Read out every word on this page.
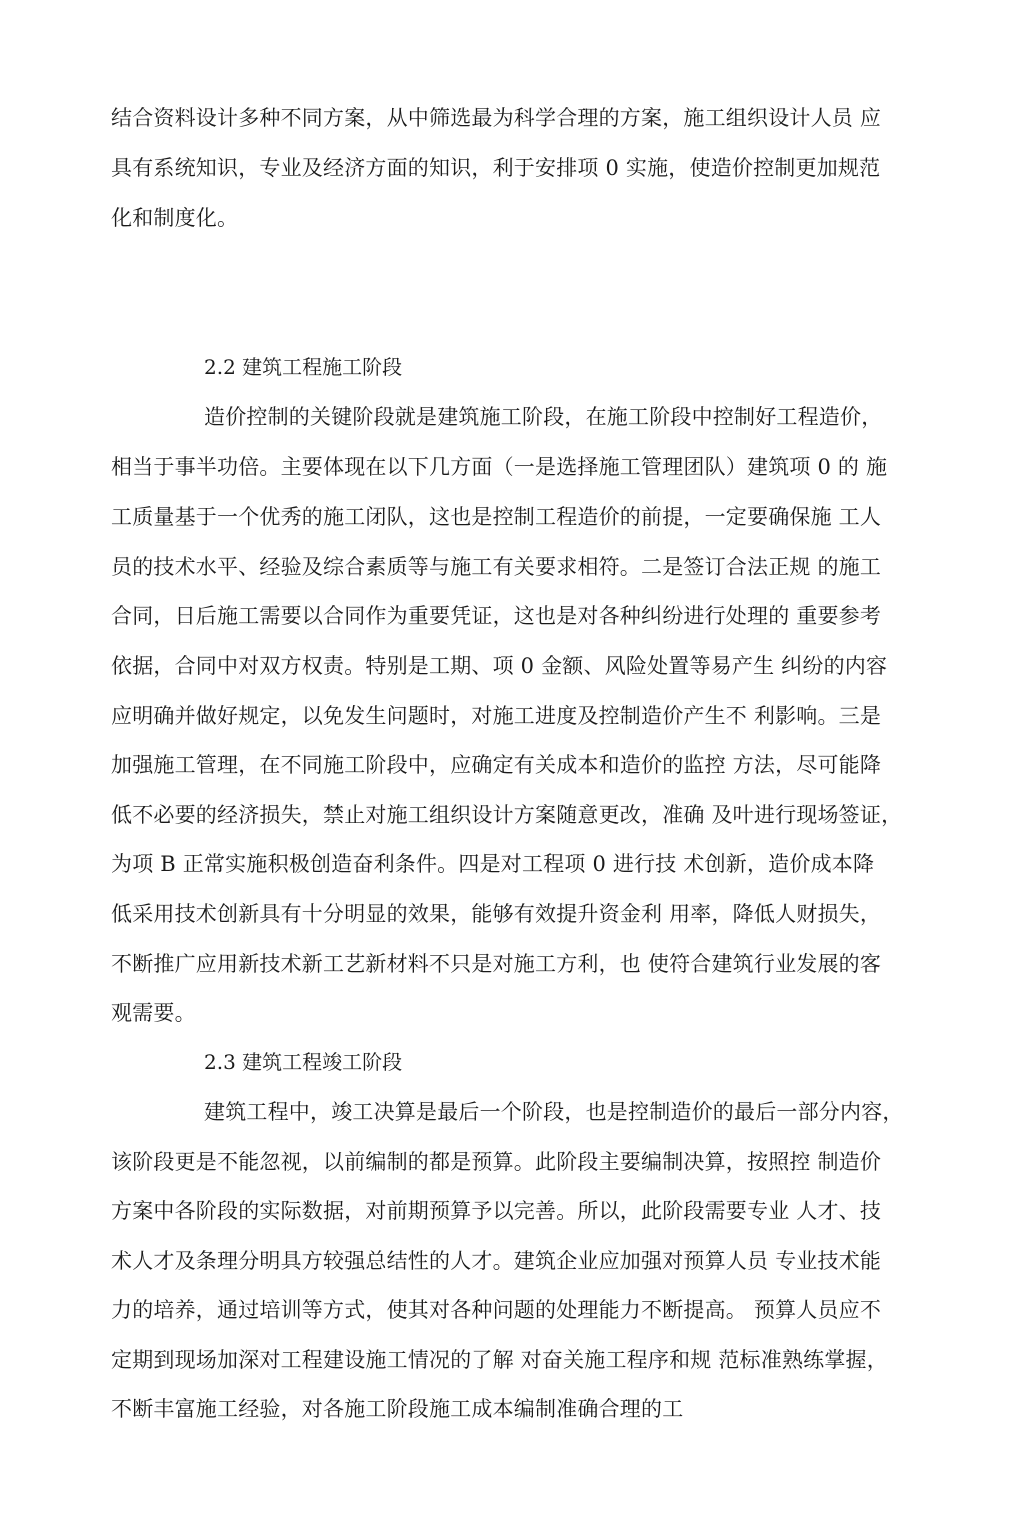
结合资料设计多种不同方案，从中筛选最为科学合理的方案，施工组织设计人员 应
具有系统知识，专业及经济方面的知识，利于安排项 0 实施，使造价控制更加规范
化和制度化。
2.2 建筑工程施工阶段
造价控制的关键阶段就是建筑施工阶段，在施工阶段中控制好工程造价，
相当于事半功倍。主要体现在以下几方面（一是选择施工管理团队）建筑项 0 的 施
工质量基于一个优秀的施工闭队，这也是控制工程造价的前提，一定要确保施 工人
员的技术水平、经验及综合素质等与施工有关要求相符。二是签订合法正规 的施工
合同，日后施工需要以合同作为重要凭证，这也是对各种纠纷进行处理的 重要参考
依据，合同中对双方权责。特别是工期、项 0 金额、风险处置等易产生 纠纷的内容
应明确并做好规定，以免发生问题时，对施工进度及控制造价产生不 利影响。三是
加强施工管理，在不同施工阶段中，应确定有关成本和造价的监控 方法，尽可能降
低不必要的经济损失，禁止对施工组织设计方案随意更改，准确 及叶进行现场签证，
为项 B 正常实施积极创造奋利条件。四是对工程项 0 进行技 术创新，造价成本降
低采用技术创新具有十分明显的效果，能够有效提升资金利 用率，降低人财损失，
不断推广应用新技术新工艺新材料不只是对施工方利，也 使符合建筑行业发展的客
观需要。
2.3 建筑工程竣工阶段
建筑工程中，竣工决算是最后一个阶段，也是控制造价的最后一部分内容，
该阶段更是不能忽视，以前编制的都是预算。此阶段主要编制决算，按照控 制造价
方案中各阶段的实际数据，对前期预算予以完善。所以，此阶段需要专业 人才、技
术人才及条理分明具方较强总结性的人才。建筑企业应加强对预算人员 专业技术能
力的培养，通过培训等方式，使其对各种问题的处理能力不断提高。 预算人员应不
定期到现场加深对工程建设施工情况的了解 对奋关施工程序和规 范标准熟练掌握，
不断丰富施工经验，对各施工阶段施工成本编制准确合理的工
